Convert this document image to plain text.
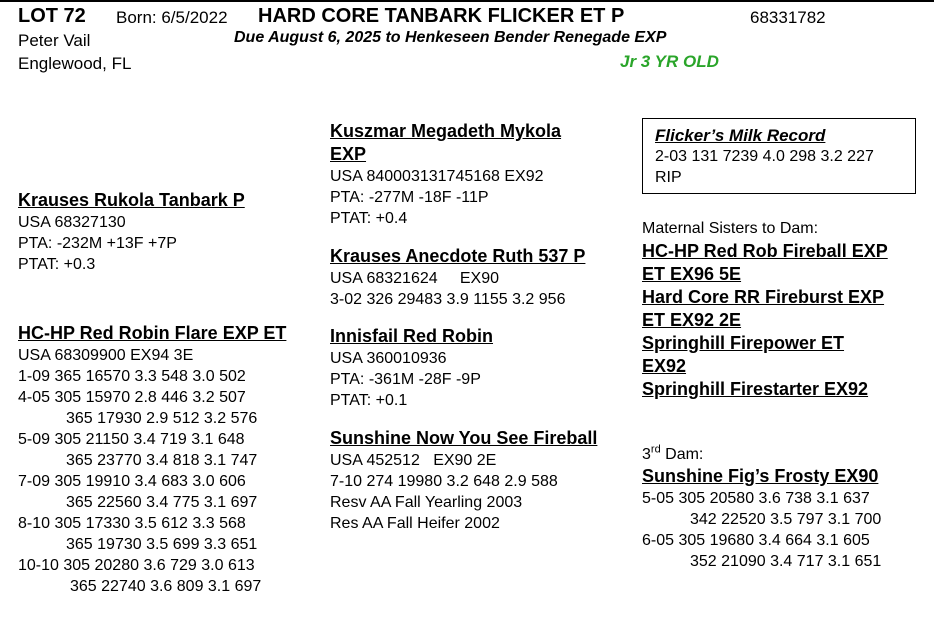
LOT 72 Born: 6/5/2022 HARD CORE TANBARK FLICKER ET P	68331782
Peter Vail
Englewood, FL
Due August 6, 2025 to Henkeseen Bender Renegade EXP
Jr 3 YR OLD
Krauses Rukola Tanbark P
USA 68327130
PTA: -232M +13F +7P
PTAT: +0.3
HC-HP Red Robin Flare EXP ET
USA 68309900 EX94 3E
1-09 365 16570 3.3 548 3.0 502
4-05 305 15970 2.8 446 3.2 507
365 17930 2.9 512 3.2 576
5-09 305 21150 3.4 719 3.1 648
365 23770 3.4 818 3.1 747
7-09 305 19910 3.4 683 3.0 606
365 22560 3.4 775 3.1 697
8-10 305 17330 3.5 612 3.3 568
365 19730 3.5 699 3.3 651
10-10 305 20280 3.6 729 3.0 613
365 22740 3.6 809 3.1 697
Kuszmar Megadeth Mykola
EXP
USA 840003131745168 EX92
PTA: -277M -18F -11P
PTAT: +0.4
Krauses Anecdote Ruth 537 P
USA 68321624     EX90
3-02 326 29483 3.9 1155 3.2 956
Innisfail Red Robin
USA 360010936
PTA: -361M -28F -9P
PTAT: +0.1
Sunshine Now You See Fireball
USA 452512   EX90 2E
7-10 274 19980 3.2 648 2.9 588
Resv AA Fall Yearling 2003
Res AA Fall Heifer 2002
Flicker’s Milk Record
2-03 131 7239 4.0 298 3.2 227
RIP
Maternal Sisters to Dam:
HC-HP Red Rob Fireball EXP
ET EX96 5E
Hard Core RR Fireburst EXP
ET EX92 2E
Springhill Firepower ET
EX92
Springhill Firestarter EX92
3rd Dam:
Sunshine Fig’s Frosty EX90
5-05 305 20580 3.6 738 3.1 637
342 22520 3.5 797 3.1 700
6-05 305 19680 3.4 664 3.1 605
352 21090 3.4 717 3.1 651
